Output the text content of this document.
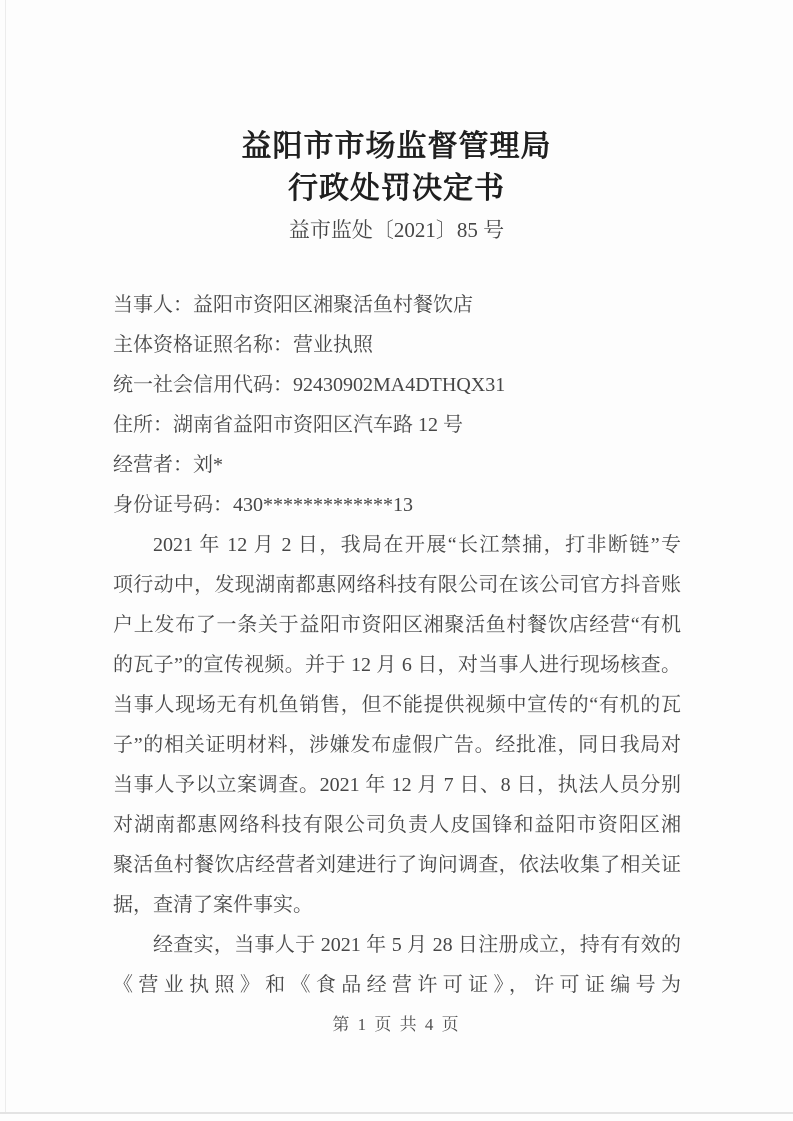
益阳市市场监督管理局
行政处罚决定书
益市监处〔2021〕85 号
当事人：益阳市资阳区湘聚活鱼村餐饮店
主体资格证照名称：营业执照
统一社会信用代码：92430902MA4DTHQX31
住所：湖南省益阳市资阳区汽车路 12 号
经营者：刘*
身份证号码：430*************13
2021 年 12 月 2 日，我局在开展“长江禁捕，打非断链”专
项行动中，发现湖南都惠网络科技有限公司在该公司官方抖音账
户上发布了一条关于益阳市资阳区湘聚活鱼村餐饮店经营“有机
的瓦子”的宣传视频。并于 12 月 6 日，对当事人进行现场核查。
当事人现场无有机鱼销售，但不能提供视频中宣传的“有机的瓦
子”的相关证明材料，涉嫌发布虚假广告。经批准，同日我局对
当事人予以立案调查。2021 年 12 月 7 日、8 日，执法人员分别
对湖南都惠网络科技有限公司负责人皮国锋和益阳市资阳区湘
聚活鱼村餐饮店经营者刘建进行了询问调查，依法收集了相关证
据，查清了案件事实。
经查实，当事人于 2021 年 5 月 28 日注册成立，持有有效的
《营业执照》和《食品经营许可证》，许可证编号为
第 1 页 共 4 页
